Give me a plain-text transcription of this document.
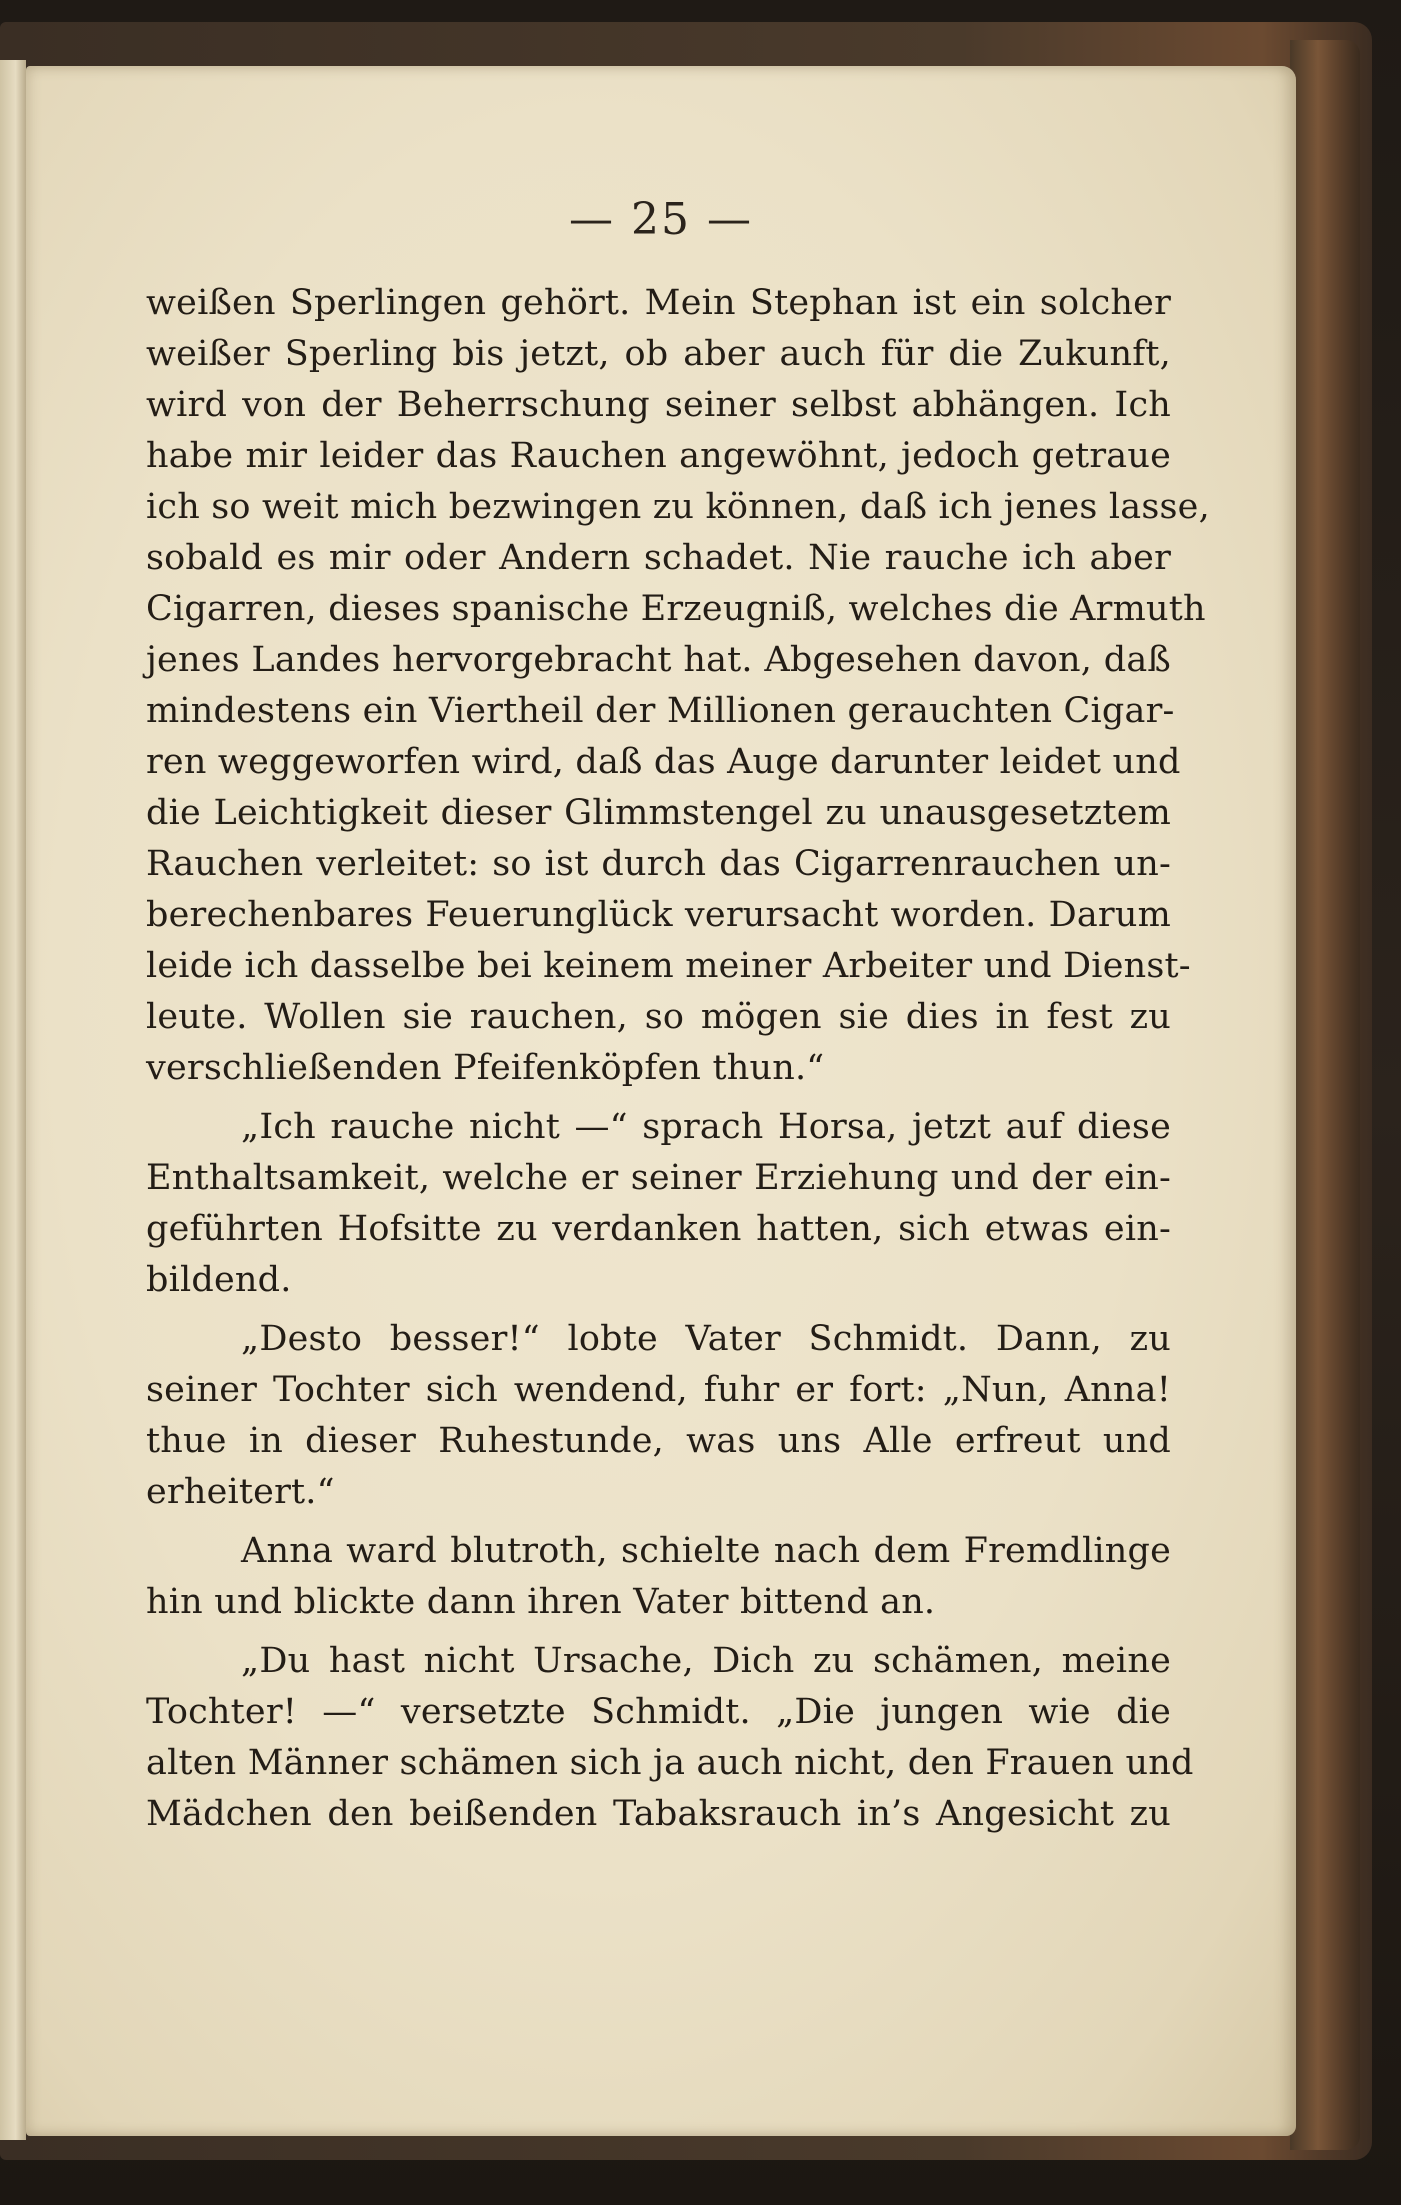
— 25 —
weißen Sperlingen gehört. Mein Stephan ist ein solcher
weißer Sperling bis jetzt, ob aber auch für die Zukunft,
wird von der Beherrschung seiner selbst abhängen. Ich
habe mir leider das Rauchen angewöhnt, jedoch getraue
ich so weit mich bezwingen zu können, daß ich jenes lasse,
sobald es mir oder Andern schadet. Nie rauche ich aber
Cigarren, dieses spanische Erzeugniß, welches die Armuth
jenes Landes hervorgebracht hat. Abgesehen davon, daß
mindestens ein Viertheil der Millionen gerauchten Cigar-
ren weggeworfen wird, daß das Auge darunter leidet und
die Leichtigkeit dieser Glimmstengel zu unausgesetztem
Rauchen verleitet: so ist durch das Cigarrenrauchen un-
berechenbares Feuerunglück verursacht worden. Darum
leide ich dasselbe bei keinem meiner Arbeiter und Dienst-
leute. Wollen sie rauchen, so mögen sie dies in fest zu
verschließenden Pfeifenköpfen thun.“
„Ich rauche nicht —“ sprach Horsa, jetzt auf diese
Enthaltsamkeit, welche er seiner Erziehung und der ein-
geführten Hofsitte zu verdanken hatten, sich etwas ein-
bildend.
„Desto besser!“ lobte Vater Schmidt. Dann, zu
seiner Tochter sich wendend, fuhr er fort: „Nun, Anna!
thue in dieser Ruhestunde, was uns Alle erfreut und
erheitert.“
Anna ward blutroth, schielte nach dem Fremdlinge
hin und blickte dann ihren Vater bittend an.
„Du hast nicht Ursache, Dich zu schämen, meine
Tochter! —“ versetzte Schmidt. „Die jungen wie die
alten Männer schämen sich ja auch nicht, den Frauen und
Mädchen den beißenden Tabaksrauch in’s Angesicht zu
